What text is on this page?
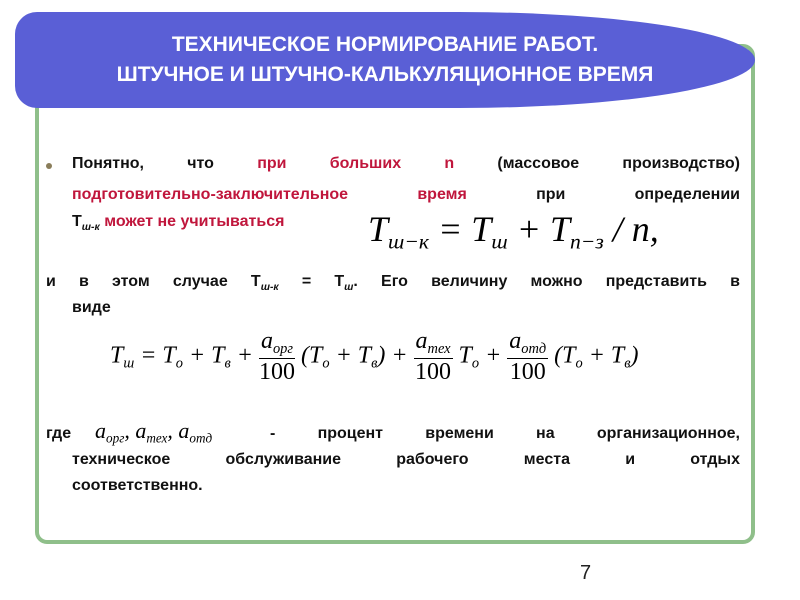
ТЕХНИЧЕСКОЕ НОРМИРОВАНИЕ РАБОТ.
ШТУЧНОЕ И ШТУЧНО-КАЛЬКУЛЯЦИОННОЕ ВРЕМЯ
Понятно, что при больших n (массовое производство)
подготовительно-заключительное время при определении
$Т_{ш-к}$ может не учитываться $T_{ш-к} = T_ш + T_{п-з} / n$,
и в этом случае $Т_{ш-к} = Т_ш$. Его величину можно представить в
виде
$T_ш = T_о + T_в + \frac{a_{орг}}{100} (T_о + T_в) + \frac{a_{тех}}{100} T_о + \frac{a_{отд}}{100} (T_о + T_в)$
где $a_{орг}$, $a_{тех}$, $a_{отд}$	- процент времени на организационное,
техническое обслуживание рабочего места и отдых
соответственно.
7
